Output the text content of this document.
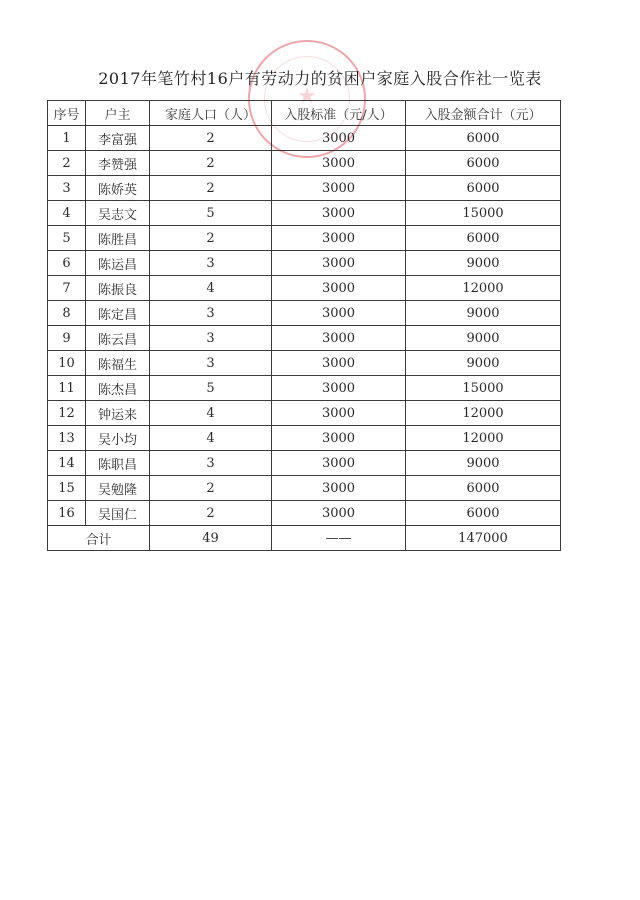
★
2017年笔竹村16户有劳动力的贫困户家庭入股合作社一览表
序号	户主	家庭人口（人）	入股标准（元/人）	入股金额合计（元）
1	李富强	2	3000	6000
2	李赞强	2	3000	6000
3	陈娇英	2	3000	6000
4	吴志文	5	3000	15000
5	陈胜昌	2	3000	6000
6	陈运昌	3	3000	9000
7	陈振良	4	3000	12000
8	陈定昌	3	3000	9000
9	陈云昌	3	3000	9000
10	陈福生	3	3000	9000
11	陈杰昌	5	3000	15000
12	钟运来	4	3000	12000
13	吴小均	4	3000	12000
14	陈职昌	3	3000	9000
15	吴勉隆	2	3000	6000
16	吴国仁	2	3000	6000
合计		49	——	147000
